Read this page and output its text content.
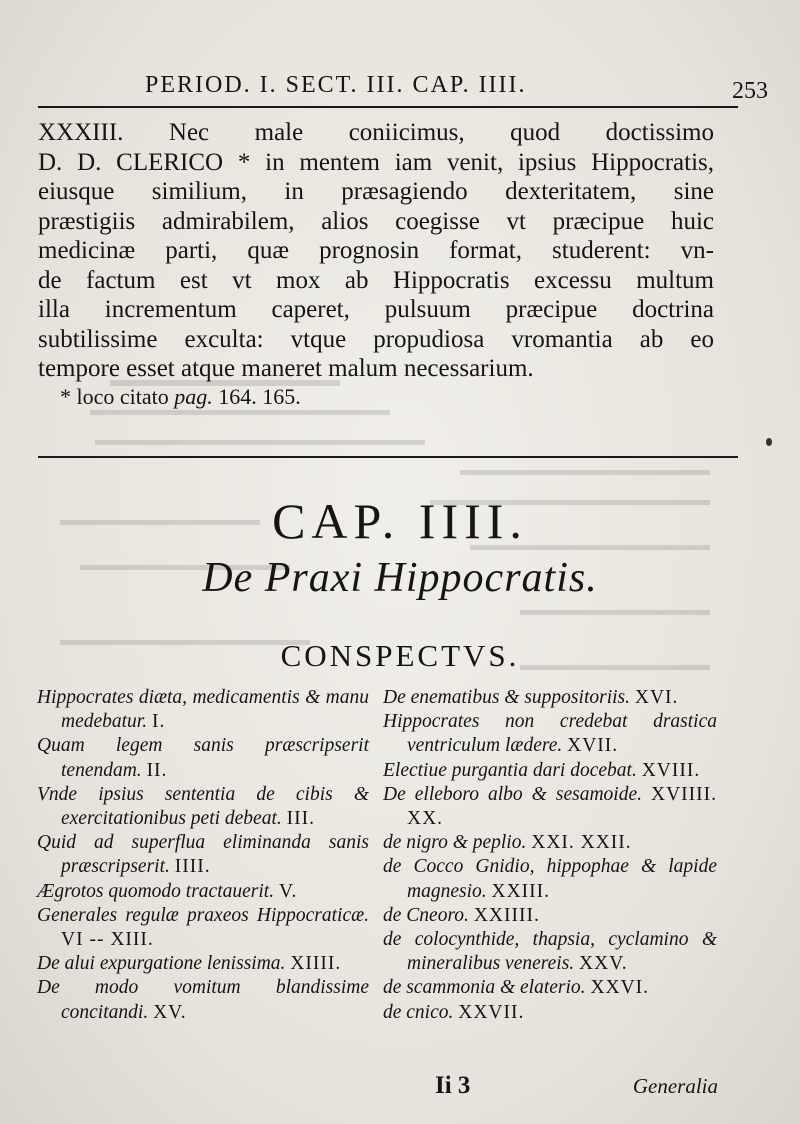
PERIOD. I. SECT. III. CAP. IIII.	253
XXXIII. Nec male coniicimus, quod doctissimo
D. D. CLERICO * in mentem iam venit, ipsius Hippocratis,
eiusque similium, in præsagiendo dexteritatem, sine
præstigiis admirabilem, alios coegisse vt præcipue huic
medicinæ parti, quæ prognosin format, studerent: vn-
de factum est vt mox ab Hippocratis excessu multum
illa incrementum caperet, pulsuum præcipue doctrina
subtilissime exculta: vtque propudiosa vromantia ab eo
tempore esset atque maneret malum necessarium.
* loco citato pag. 164. 165.
CAP. IIII.
De Praxi Hippocratis.
CONSPECTVS.

Hippocrates diæta, medicamentis & manu medebatur. I.

Quam legem sanis præscripserit tenendam. II.

Vnde ipsius sententia de cibis & exercitationibus peti debeat. III.

Quid ad superflua eliminanda sanis præscripserit. IIII.

Ægrotos quomodo tractauerit. V.

Generales regulæ praxeos Hippocraticæ. VI -- XIII.

De alui expurgatione lenissima. XIIII.

De modo vomitum blandissime concitandi. XV.

De enematibus & suppositoriis. XVI.

Hippocrates non credebat drastica ventriculum lædere. XVII.

Electiue purgantia dari docebat. XVIII.

De elleboro albo & sesamoide. XVIIII. XX.

de nigro & peplio. XXI. XXII.

de Cocco Gnidio, hippophae & lapide magnesio. XXIII.

de Cneoro. XXIIII.

de colocynthide, thapsia, cyclamino & mineralibus venereis. XXV.

de scammonia & elaterio. XXVI.

de cnico. XXVII.

Ii 3	Generalia
